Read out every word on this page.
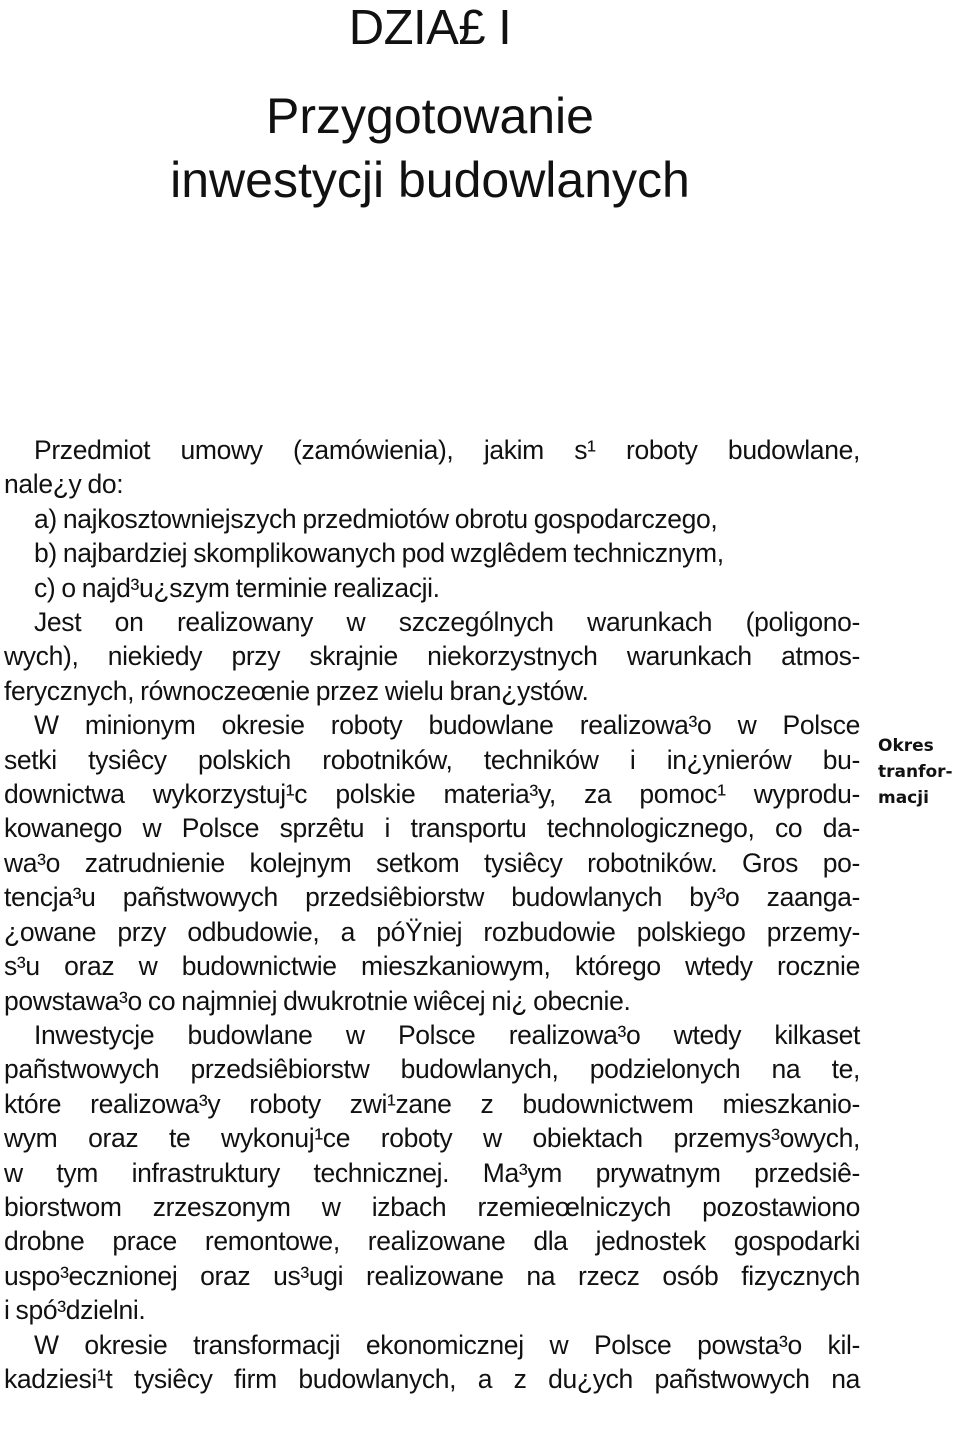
DZIA£ I
Przygotowanie
inwestycji budowlanych
Przedmiot umowy (zamówienia), jakim s¹ roboty budowlane,
nale¿y do:
a) najkosztowniejszych przedmiotów obrotu gospodarczego,
b) najbardziej skomplikowanych pod wzglêdem technicznym,
c) o najd³u¿szym terminie realizacji.
Jest on realizowany w szczególnych warunkach (poligono-
wych), niekiedy przy skrajnie niekorzystnych warunkach atmos-
ferycznych, równoczeœnie przez wielu bran¿ystów.
W minionym okresie roboty budowlane realizowa³o w Polsce
setki tysiêcy polskich robotników, techników i in¿ynierów bu-
downictwa wykorzystuj¹c polskie materia³y, za pomoc¹ wyprodu-
kowanego w Polsce sprzêtu i transportu technologicznego, co da-
wa³o zatrudnienie kolejnym setkom tysiêcy robotników. Gros po-
tencja³u pañstwowych przedsiêbiorstw budowlanych by³o zaanga-
¿owane przy odbudowie, a póŸniej rozbudowie polskiego przemy-
s³u oraz w budownictwie mieszkaniowym, którego wtedy rocznie
powstawa³o co najmniej dwukrotnie wiêcej ni¿ obecnie.
Inwestycje budowlane w Polsce realizowa³o wtedy kilkaset
pañstwowych przedsiêbiorstw budowlanych, podzielonych na te,
które realizowa³y roboty zwi¹zane z budownictwem mieszkanio-
wym oraz te wykonuj¹ce roboty w obiektach przemys³owych,
w tym infrastruktury technicznej. Ma³ym prywatnym przedsiê-
biorstwom zrzeszonym w izbach rzemieœlniczych pozostawiono
drobne prace remontowe, realizowane dla jednostek gospodarki
uspo³ecznionej oraz us³ugi realizowane na rzecz osób fizycznych
i spó³dzielni.
W okresie transformacji ekonomicznej w Polsce powsta³o kil-
kadziesi¹t tysiêcy firm budowlanych, a z du¿ych pañstwowych na
Okres
tranfor-
macji
